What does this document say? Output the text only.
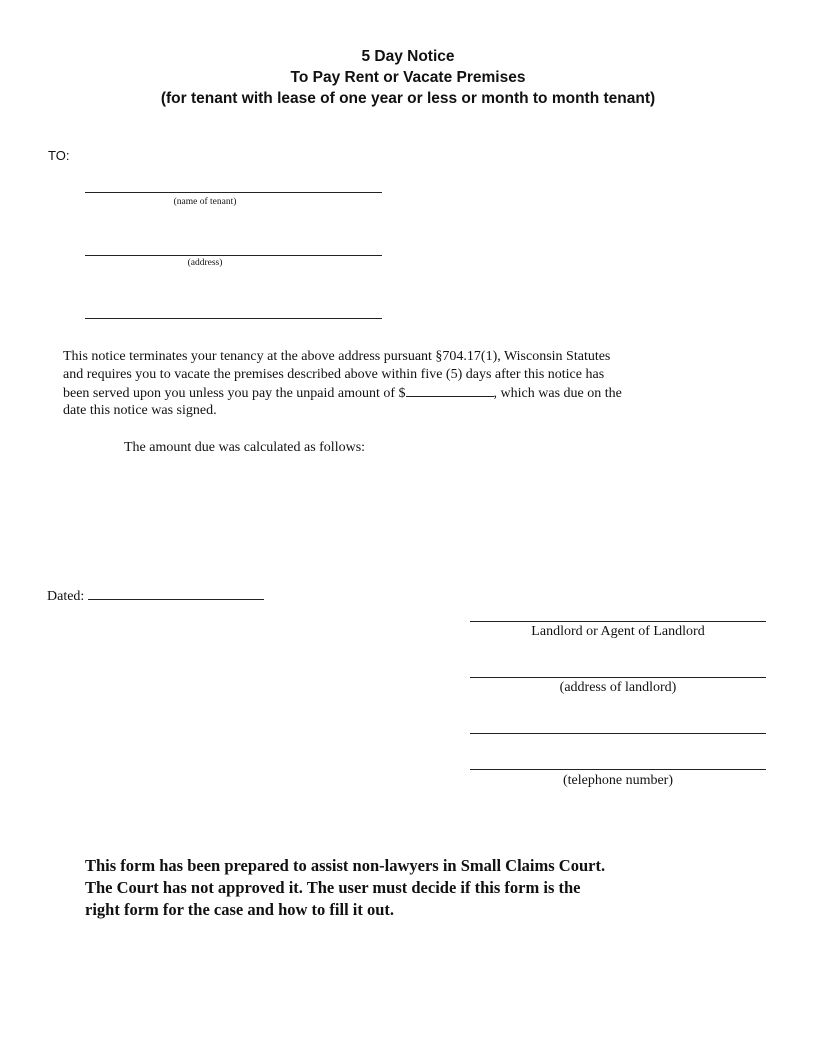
5 Day Notice
To Pay Rent or Vacate Premises
(for tenant with lease of one year or less or month to month tenant)
TO:
(name of tenant)
(address)
This notice terminates your tenancy at the above address pursuant §704.17(1), Wisconsin Statutes
and requires you to vacate the premises described above within five (5) days after this notice has
been served upon you unless you pay the unpaid amount of $	, which was due on the
date this notice was signed.
The amount due was calculated as follows:
Dated:
Landlord or Agent of Landlord
(address of landlord)
(telephone number)
This form has been prepared to assist non-lawyers in Small Claims Court.
The Court has not approved it. The user must decide if this form is the
right form for the case and how to fill it out.
